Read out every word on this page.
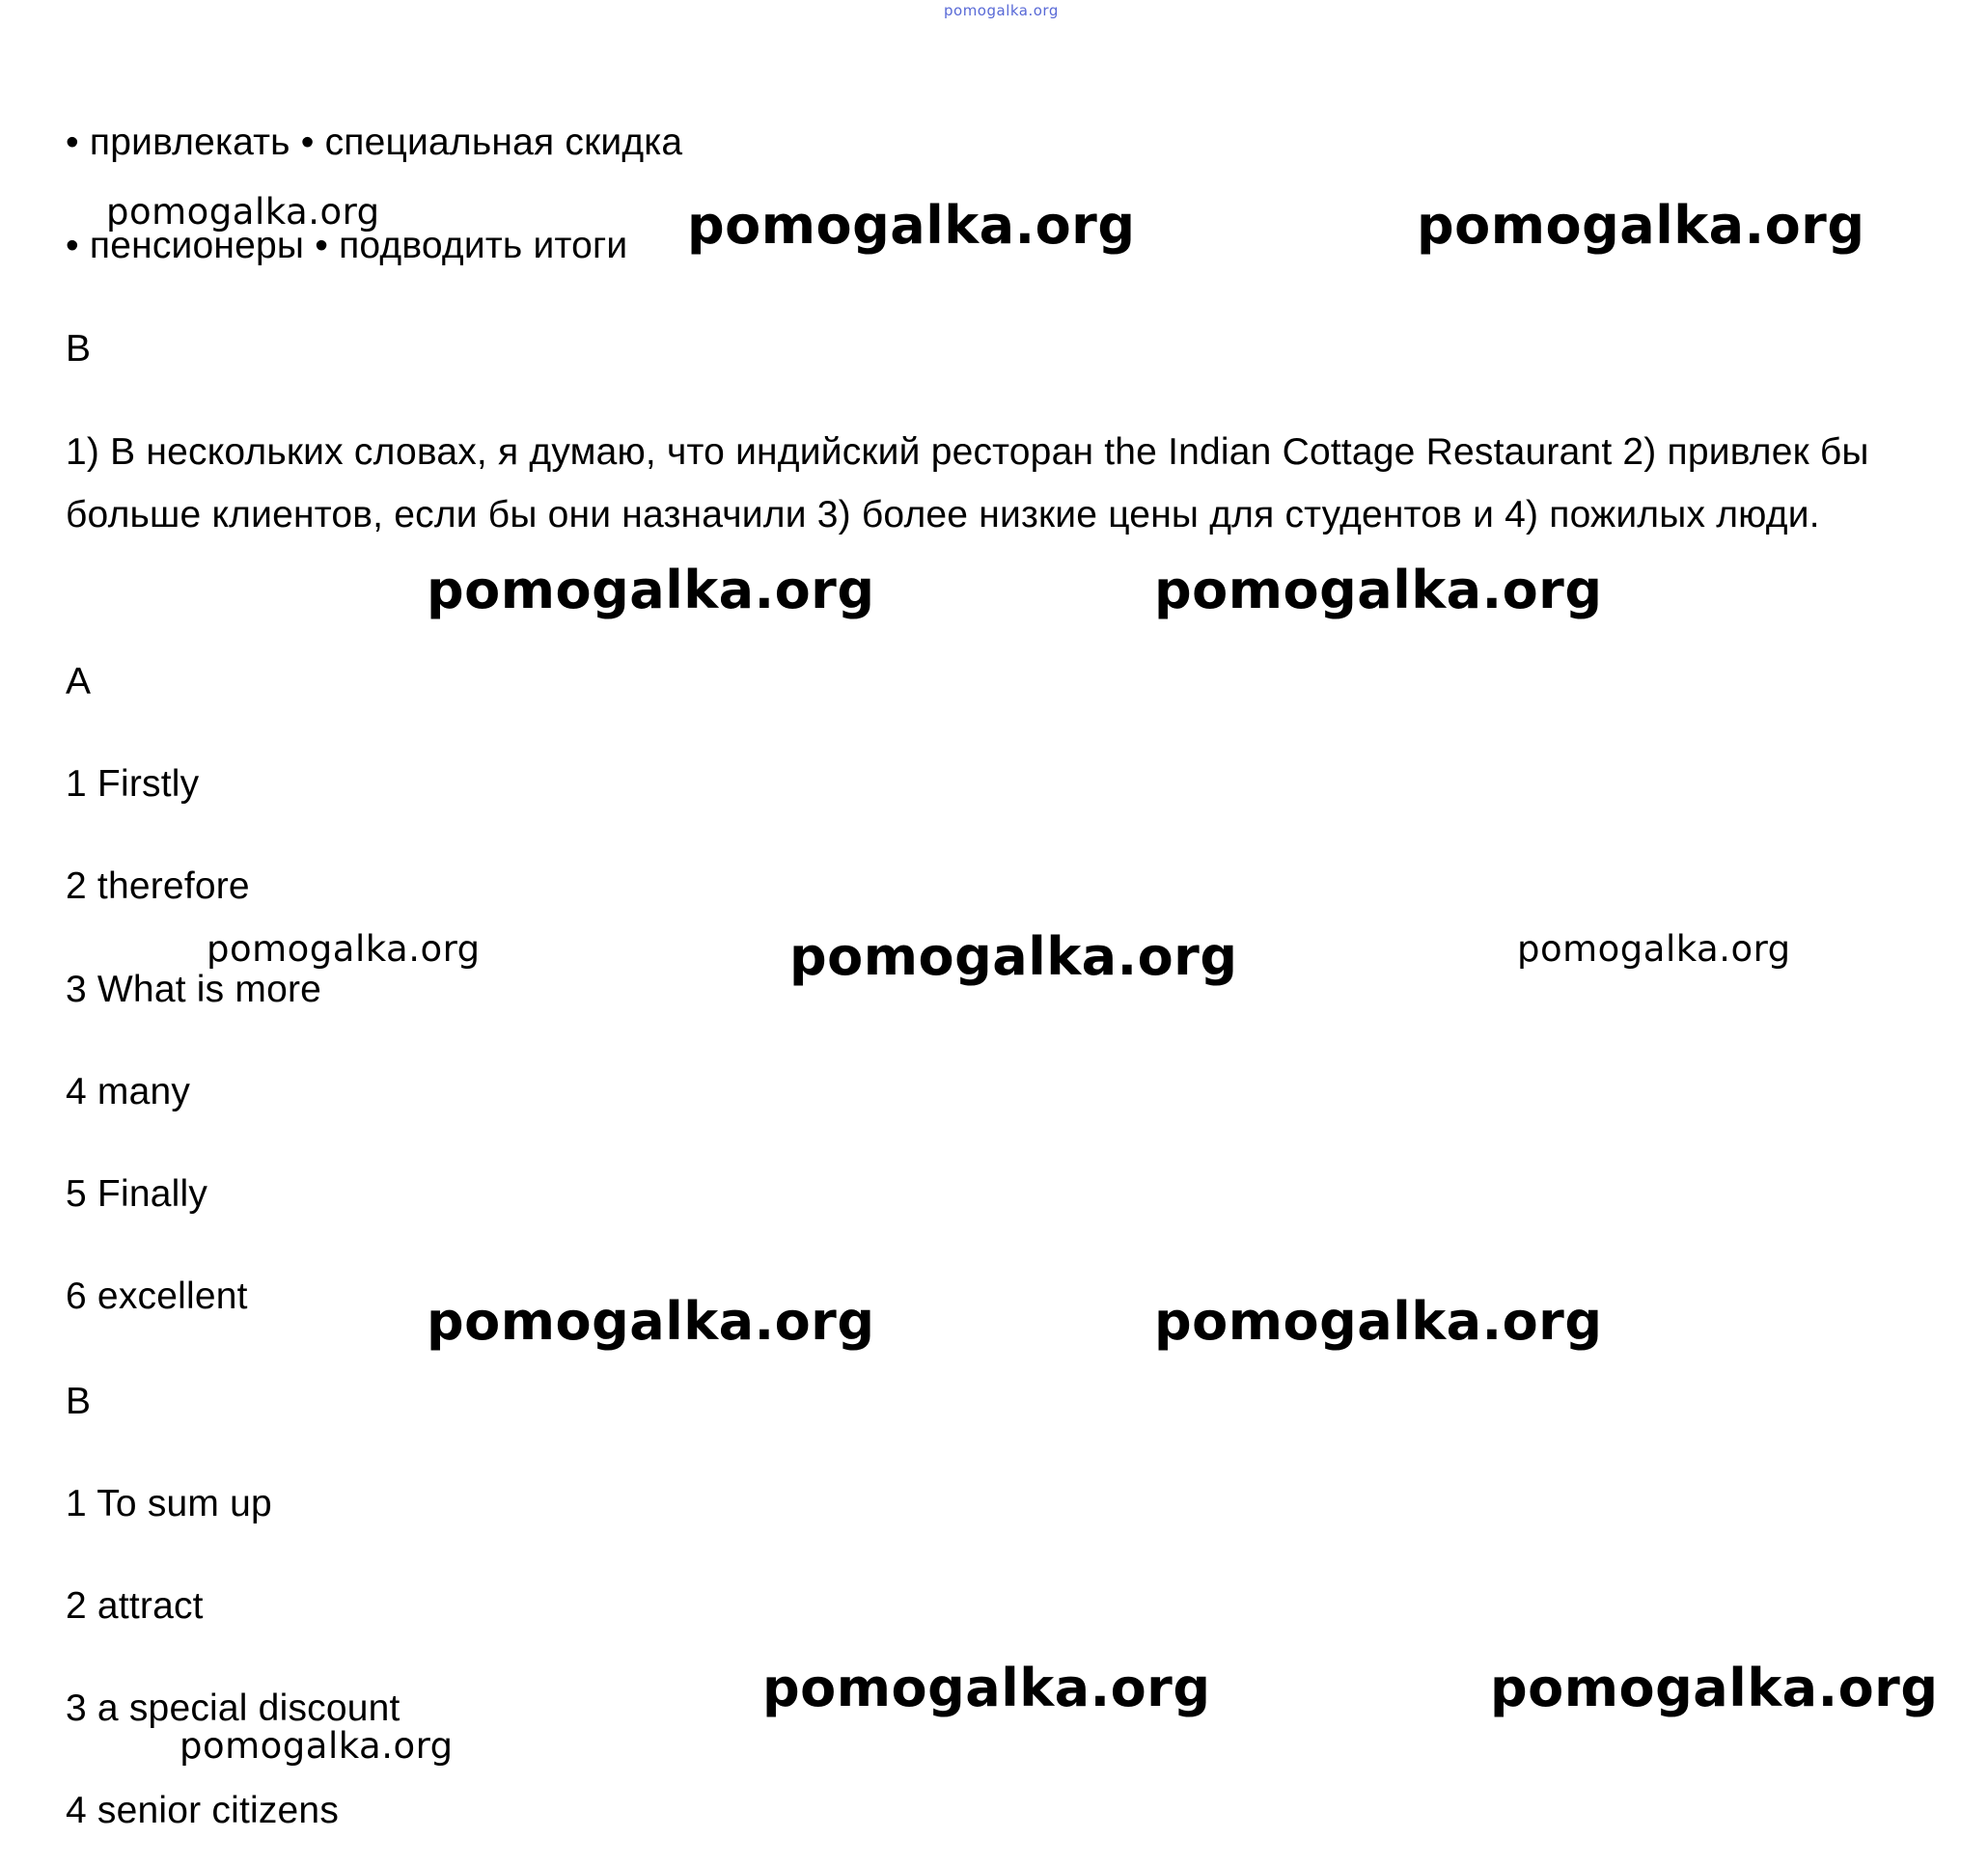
pomogalka.org
• привлекать • специальная скидка
• пенсионеры • подводить итоги
B
1) В нескольких словах, я думаю, что индийский ресторан the Indian Cottage Restaurant 2) привлек бы больше клиентов, если бы они назначили 3) более низкие цены для студентов и 4) пожилых люди.
A
1 Firstly
2 therefore
3 What is more
4 many
5 Finally
6 excellent
B
1 To sum up
2 attract
3 a special discount
4 senior citizens
pomogalka.org	pomogalka.org	pomogalka.org
pomogalka.org	pomogalka.org
pomogalka.org	pomogalka.org	pomogalka.org
pomogalka.org	pomogalka.org
pomogalka.org	pomogalka.org
pomogalka.org
